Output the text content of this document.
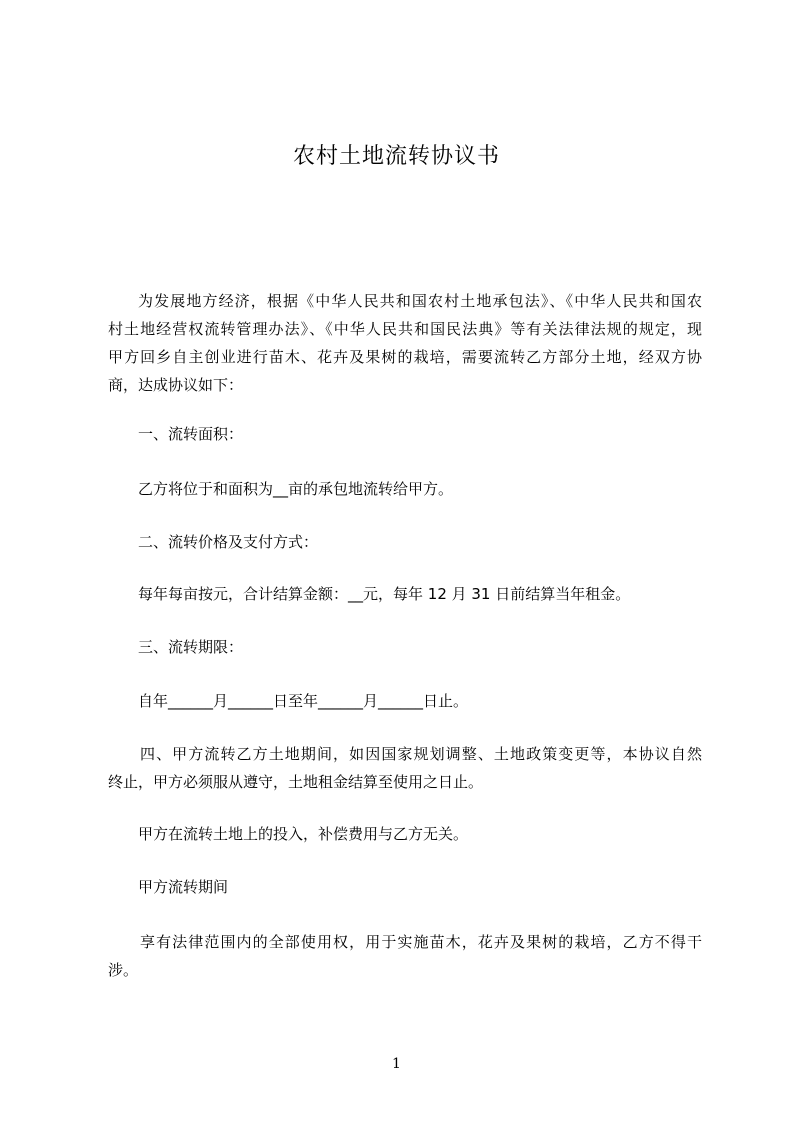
农村土地流转协议书
为发展地方经济，根据《中华人民共和国农村土地承包法》、《中华人民共和国农
村土地经营权流转管理办法》、《中华人民共和国民法典》等有关法律法规的规定，现
甲方回乡自主创业进行苗木、花卉及果树的栽培，需要流转乙方部分土地，经双方协
商，达成协议如下：
一、流转面积：
乙方将位于和面积为__亩的承包地流转给甲方。
二、流转价格及支付方式：
每年每亩按元，合计结算金额：__元，每年 12 月 31 日前结算当年租金。
三、流转期限：
自年______月______日至年______月______日止。
四、甲方流转乙方土地期间，如因国家规划调整、土地政策变更等，本协议自然
终止，甲方必须服从遵守，土地租金结算至使用之日止。
甲方在流转土地上的投入，补偿费用与乙方无关。
甲方流转期间
享有法律范围内的全部使用权，用于实施苗木，花卉及果树的栽培，乙方不得干
涉。
1
